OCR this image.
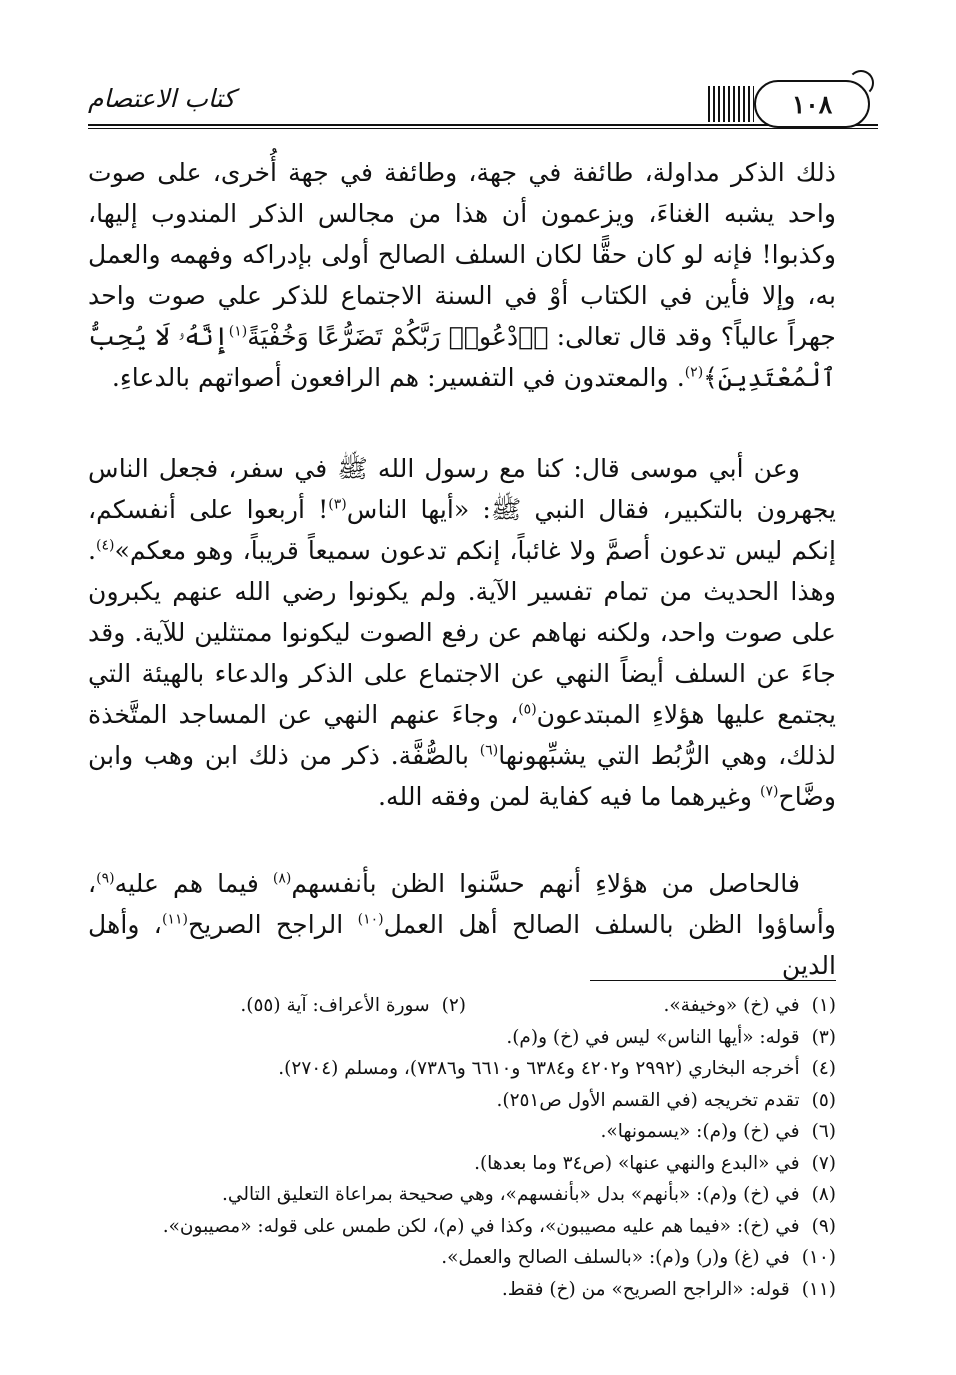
كتاب الاعتصام	١٠٨

ذلك الذكر مداولة، طائفة في جهة، وطائفة في جهة أُخرى، على صوت واحد يشبه الغناءَ، ويزعمون أن هذا من مجالس الذكر المندوب إليها، وكذبوا! فإنه لو كان حقًّا لكان السلف الصالح أولى بإدراكه وفهمه والعمل به، وإلا فأين في الكتاب أوْ في السنة الاجتماع للذكر علي صوت واحد جهراً عالياً؟ وقد قال تعالى: ﴿ٱدْعُوا۟ رَبَّكُمْ تَضَرُّعًا وَخُفْيَةً$^{(١)}$إِنَّهُۥ لَا يُحِبُّ ٱلْمُعْتَدِينَ﴾$^{(٢)}$. والمعتدون في التفسير: هم الرافعون أصواتهم بالدعاءِ.

وعن أبي موسى قال: كنا مع رسول الله ﷺ في سفر، فجعل الناس يجهرون بالتكبير، فقال النبي ﷺ: «أيها الناس$^{(٣)}$! أربعوا على أنفسكم، إنكم ليس تدعون أصمَّ ولا غائباً، إنكم تدعون سميعاً قريباً، وهو معكم»$^{(٤)}$. وهذا الحديث من تمام تفسير الآية. ولم يكونوا رضي الله عنهم يكبرون على صوت واحد، ولكنه نهاهم عن رفع الصوت ليكونوا ممتثلين للآية. وقد جاءَ عن السلف أيضاً النهي عن الاجتماع على الذكر والدعاء بالهيئة التي يجتمع عليها هؤلاءِ المبتدعون$^{(٥)}$، وجاءَ عنهم النهي عن المساجد المتَّخذة لذلك، وهي الرُّبُط التي يشبِّهونها$^{(٦)}$ بالصُّفَّة. ذكر من ذلك ابن وهب وابن وضَّاح$^{(٧)}$ وغيرهما ما فيه كفاية لمن وفقه الله.

فالحاصل من هؤلاءِ أنهم حسَّنوا الظن بأنفسهم$^{(٨)}$ فيما هم عليه$^{(٩)}$، وأساؤوا الظن بالسلف الصالح أهل العمل$^{(١٠)}$ الراجح الصريح$^{(١١)}$، وأهل الدين

(١)في (خ) «وخيفة».
(٢)سورة الأعراف: آية (٥٥).

(٣)قوله: «أيها الناس» ليس في (خ) و(م).

(٤)أخرجه البخاري (٢٩٩٢ و٤٢٠٢ و٦٣٨٤ و٦٦١٠ و٧٣٨٦)، ومسلم (٢٧٠٤).

(٥)تقدم تخريجه (في القسم الأول ص٢٥١).

(٦)في (خ) و(م): «يسمونها».

(٧)في «البدع والنهي عنها» (ص٣٤ وما بعدها).

(٨)في (خ) و(م): «بأنهم» بدل «بأنفسهم»، وهي صحيحة بمراعاة التعليق التالي.

(٩)في (خ): «فيما هم عليه مصيبون»، وكذا في (م)، لكن طمس على قوله: «مصيبون».

(١٠)في (غ) و(ر) و(م): «بالسلف الصالح والعمل».

(١١)قوله: «الراجح الصريح» من (خ) فقط.
